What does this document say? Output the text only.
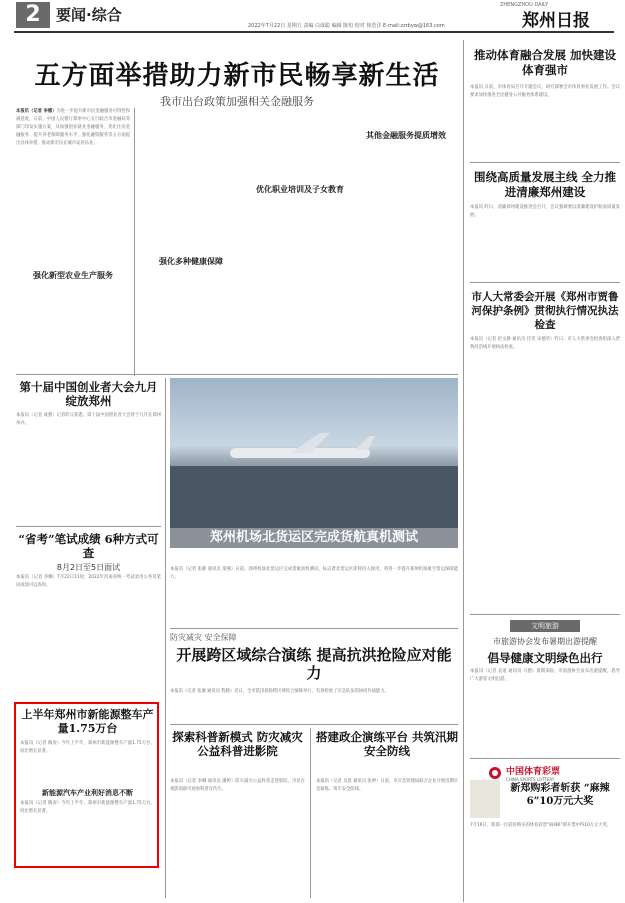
2	要闻·综合
ZHENGZHOU DAILY
郑州日报
2022年7月22日 星期五 责编 白成聪 编辑 陈恒 校对 徐浩洋 E-mail:zzrbyw@163.com
五方面举措助力新市民畅享新生活
我市出台政策加强相关金融服务
本报讯（记者 李娜）为进一步提升新市民金融服务可得性和满意度，日前，中国人民银行郑州中心支行联合市金融局等部门印发实施方案，从加强创业就业金融服务、优化住房金融服务、提升养老保障服务水平、强化融资服务等五方面提出具体举措，推动新市民在城市安居乐业。
强化新型农业生产服务
强化多种健康保障
优化职业培训及子女教育
其他金融服务提质增效
推动体育融合发展 加快建设体育强市
本报讯 日前，市体育局召开专题会议，研究部署全市体育事业发展工作。会议要求加快推进全民健身公共服务体系建设。
围绕高质量发展主线 全力推进清廉郑州建设
本报讯 昨日，清廉郑州建设推进会召开，会议强调要以清廉建设护航高质量发展。
市人大常委会开展《郑州市贾鲁河保护条例》贯彻执行情况执法检查
本报讯（记者 赵文静 通讯员 任雯 宋德华）昨日，市人大常委会检查组深入贾鲁河沿线开展执法检查。
文明旅游
市旅游协会发布暑期出游提醒
倡导健康文明绿色出行
本报讯（记者 袁道 通讯员 马德）暑期来临，市旅游协会发布出游提醒，倡导广大游客文明出游。
中国体育彩票
CHINA SPORTS LOTTERY
新郑购彩者斩获 “麻辣6”10万元大奖
7月16日，新郑一位彩民购买的体育彩票“麻辣6”即开票中得10万元大奖。
第十届中国创业者大会九月绽放郑州
本报讯（记者 成燕）记者昨日获悉，第十届中国创业者大会将于九月在郑州举办。
“省考”笔试成绩 6种方式可查
8月2日至5日面试
本报讯（记者 李娜）7月22日11时，2022年河南省统一考试录用公务员笔试成绩可以查询。
上半年郑州市新能源整车产量1.75万台
本报讯（记者 陶涛）今年上半年，郑州市新能源整车产量1.75万台，同比增长显著。
新能源汽车产业利好消息不断
本报讯（记者 陶涛）今年上半年，郑州市新能源整车产量1.75万台，同比增长显著。
郑州机场北货运区完成货航真机测试
本报讯（记者 张静 通讯员 梁燕）日前，郑州机场北货运区完成货航真机测试，标志着北货运区即将投入使用，将进一步提升郑州机场航空货运保障能力。
防灾减灾 安全保障
开展跨区域综合演练 提高抗洪抢险应对能力
本报讯（记者 张翼 通讯员 程晓）近日，全市防汛抢险跨区域综合演练举行，有效检验了应急队伍的协同作战能力。
探索科普新模式 防灾减灾公益科普进影院
本报讯（记者 李娜 通讯员 潘婷）防灾减灾公益科普走进影院，市民在观影前即可观看科普宣传片。
搭建政企演练平台 共筑汛期安全防线
本报讯（记者 吴恩 通讯员 张婷）日前，市应急管理局联合企业开展汛期应急演练，筑牢安全防线。
